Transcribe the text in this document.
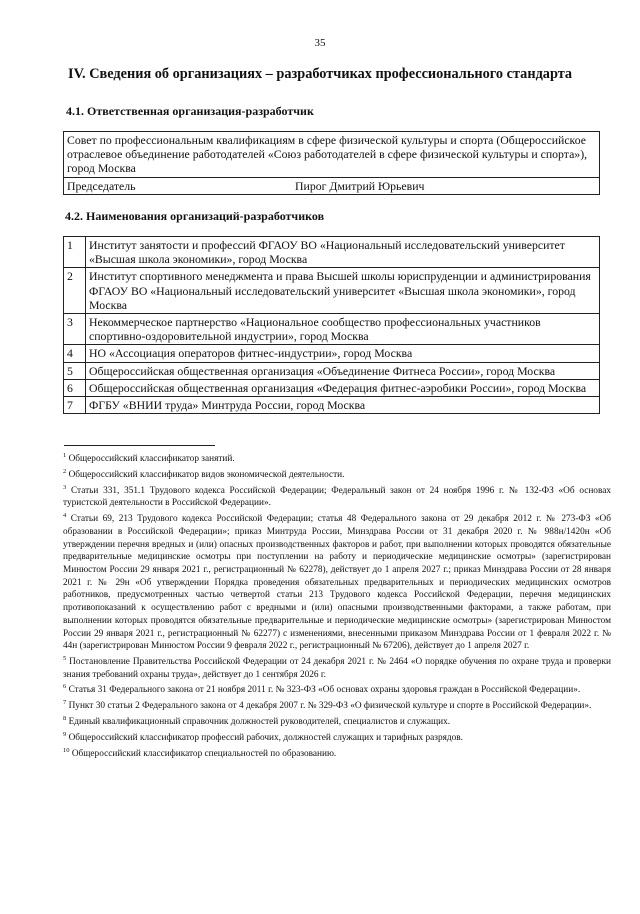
35
IV. Сведения об организациях – разработчиках профессионального стандарта
4.1. Ответственная организация-разработчик
Совет по профессиональным квалификациям в сфере физической культуры и спорта (Общероссийское отраслевое объединение работодателей «Союз работодателей в сфере физической культуры и спорта»), город Москва

Председатель	Пирог Дмитрий Юрьевич
4.2. Наименования организаций-разработчиков
1	Институт занятости и профессий ФГАОУ ВО «Национальный исследовательский университет «Высшая школа экономики», город Москва
2	Институт спортивного менеджмента и права Высшей школы юриспруденции и администрирования ФГАОУ ВО «Национальный исследовательский университет «Высшая школа экономики», город Москва
3	Некоммерческое партнерство «Национальное сообщество профессиональных участников спортивно-оздоровительной индустрии», город Москва
4	НО «Ассоциация операторов фитнес-индустрии», город Москва
5	Общероссийская общественная организация «Объединение Фитнеса России», город Москва
6	Общероссийская общественная организация «Федерация фитнес-аэробики России», город Москва
7	ФГБУ «ВНИИ труда» Минтруда России, город Москва

$^1$ Общероссийский классификатор занятий.

$^2$ Общероссийский классификатор видов экономической деятельности.

$^3$ Статьи 331, 351.1 Трудового кодекса Российской Федерации; Федеральный закон от 24 ноября 1996 г. № 132-ФЗ «Об основах туристской деятельности в Российской Федерации».

$^4$ Статьи 69, 213 Трудового кодекса Российской Федерации; статья 48 Федерального закона от 29 декабря 2012 г. № 273-ФЗ «Об образовании в Российской Федерации»; приказ Минтруда России, Минздрава России от 31 декабря 2020 г. № 988н/1420н «Об утверждении перечня вредных и (или) опасных производственных факторов и работ, при выполнении которых проводятся обязательные предварительные медицинские осмотры при поступлении на работу и периодические медицинские осмотры» (зарегистрирован Минюстом России 29 января 2021 г., регистрационный № 62278), действует до 1 апреля 2027 г.; приказ Минздрава России от 28 января 2021 г. № 29н «Об утверждении Порядка проведения обязательных предварительных и периодических медицинских осмотров работников, предусмотренных частью четвертой статьи 213 Трудового кодекса Российской Федерации, перечня медицинских противопоказаний к осуществлению работ с вредными и (или) опасными производственными факторами, а также работам, при выполнении которых проводятся обязательные предварительные и периодические медицинские осмотры» (зарегистрирован Минюстом России 29 января 2021 г., регистрационный № 62277) с изменениями, внесенными приказом Минздрава России от 1 февраля 2022 г. № 44н (зарегистрирован Минюстом России 9 февраля 2022 г., регистрационный № 67206), действует до 1 апреля 2027 г.

$^5$ Постановление Правительства Российской Федерации от 24 декабря 2021 г. № 2464 «О порядке обучения по охране труда и проверки знания требований охраны труда», действует до 1 сентября 2026 г.

$^6$ Статья 31 Федерального закона от 21 ноября 2011 г. № 323-ФЗ «Об основах охраны здоровья граждан в Российской Федерации».

$^7$ Пункт 30 статьи 2 Федерального закона от 4 декабря 2007 г. № 329-ФЗ «О физической культуре и спорте в Российской Федерации».

$^8$ Единый квалификационный справочник должностей руководителей, специалистов и служащих.

$^9$ Общероссийский классификатор профессий рабочих, должностей служащих и тарифных разрядов.

$^{10}$ Общероссийский классификатор специальностей по образованию.
